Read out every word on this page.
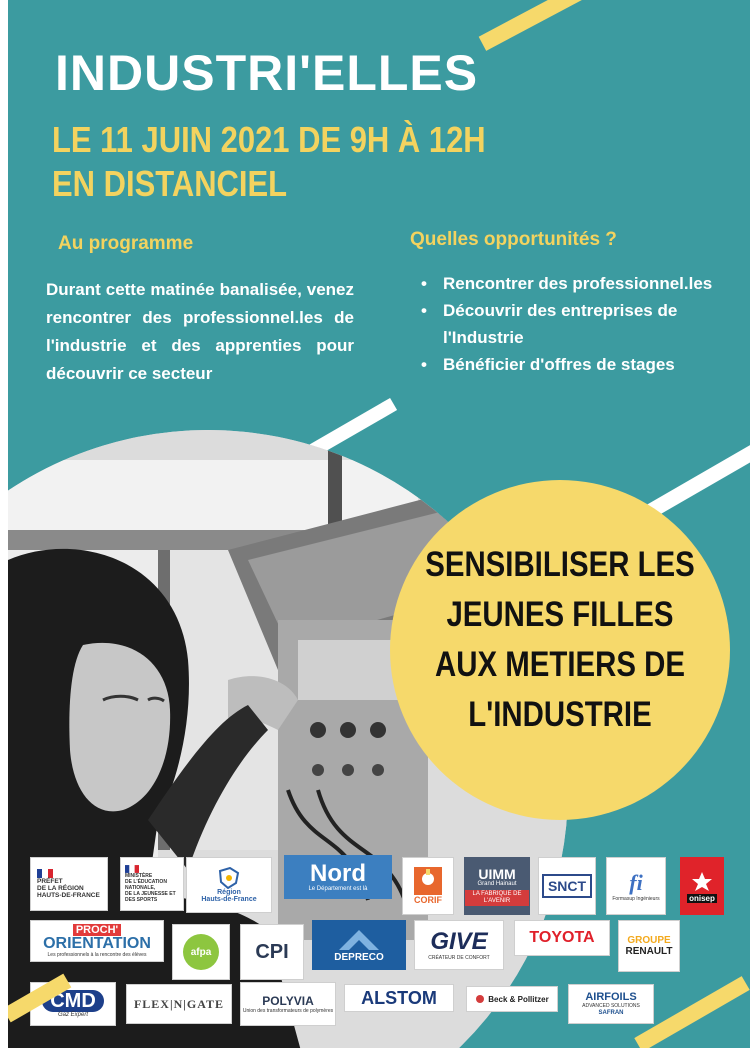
INDUSTRI'ELLES

LE 11 JUIN 2021 DE 9H À 12H EN DISTANCIEL

Au programme

Durant cette matinée banalisée, venez rencontrer des professionnel.les de l'industrie et des apprenties pour découvrir ce secteur

Quelles opportunités ?
• Rencontrer des professionnel.les
• Découvrir des entreprises de l'Industrie
• Bénéficier d'offres de stages

SENSIBILISER LES JEUNES FILLES AUX METIERS DE L'INDUSTRIE

PRÉFET
DE LA RÉGION
HAUTS-DE-FRANCE
MINISTÈRE
DE L'ÉDUCATION NATIONALE,
DE LA JEUNESSE ET DES SPORTS
Région
Hauts-de-France
Nord
Le Département est là
CORIF
UIMM
Grand Hainaut
LA FABRIQUE DE L'AVENIR
SNCT fi
Formasup Ingénieurs	onisep
PROCH'
ORIENTATION
Les professionnels à la rencontre des élèves	afpa CPI	DEPRECO
GIVE
CRÉATEUR DE CONFORT
TOYOTA	GROUPE
RENAULT
CMD
Gaz Expert
FLEX|N|GATE	POLYVIA
Union des transformateurs de polymères
ALSTOM	Beck & Pollitzer	AIRFOILS
ADVANCED SOLUTIONS
SAFRAN
